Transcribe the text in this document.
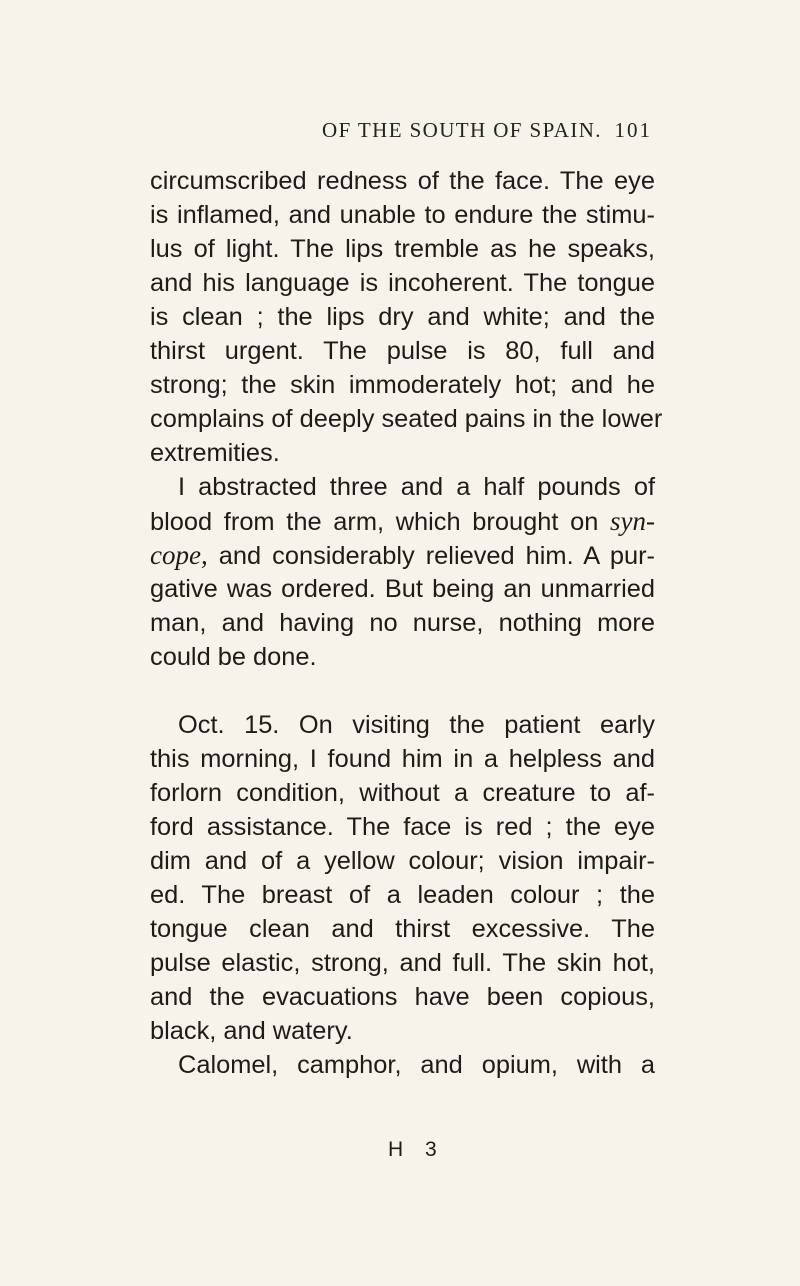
OF THE SOUTH OF SPAIN. 101
circumscribed redness of the face. The eye
is inflamed, and unable to endure the stimu-
lus of light. The lips tremble as he speaks,
and his language is incoherent. The tongue
is clean ; the lips dry and white; and the
thirst urgent. The pulse is 80, full and
strong; the skin immoderately hot; and he
complains of deeply seated pains in the lower
extremities.
I abstracted three and a half pounds of
blood from the arm, which brought on syn-
cope, and considerably relieved him. A pur-
gative was ordered. But being an unmarried
man, and having no nurse, nothing more
could be done.
Oct. 15. On visiting the patient early
this morning, I found him in a helpless and
forlorn condition, without a creature to af-
ford assistance. The face is red ; the eye
dim and of a yellow colour; vision impair-
ed. The breast of a leaden colour ; the
tongue clean and thirst excessive. The
pulse elastic, strong, and full. The skin hot,
and the evacuations have been copious,
black, and watery.
Calomel, camphor, and opium, with a
H 3
